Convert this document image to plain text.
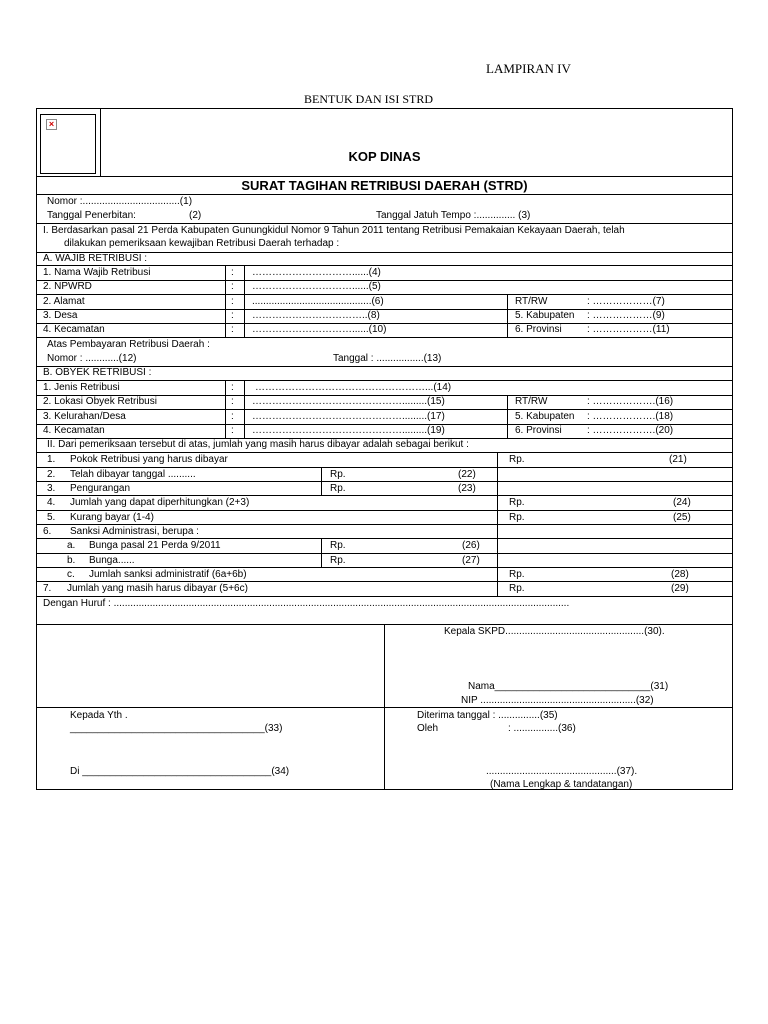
LAMPIRAN IV
BENTUK DAN ISI STRD
×
KOP DINAS
SURAT TAGIHAN RETRIBUSI DAERAH (STRD)
Nomor :...................................(1)
Tanggal Penerbitan:	(2)	Tanggal Jatuh Tempo :.............. (3)
I. Berdasarkan pasal 21 Perda Kabupaten Gunungkidul Nomor 9 Tahun 2011 tentang Retribusi Pemakaian Kekayaan Daerah, telah
dilakukan pemeriksaan kewajiban Retribusi Daerah terhadap :
A. WAJIB RETRIBUSI :
1. Nama Wajib Retribusi	: …………………………......(4)
2. NPWRD	: …………………………......(5)
2. Alamat	: ...........................................(6)	RT/RW	: ………………(7)
3. Desa	: ……………………………..(8)	5. Kabupaten : ………………(9)
4. Kecamatan	: …………………………......(10)	6. Provinsi	: ………………(11)
Atas Pembayaran Retribusi Daerah :
Nomor : ............(12)	Tanggal : .................(13)
B. OBYEK RETRIBUSI :
1. Jenis Retribusi	: ……………………………………………...(14)
2. Lokasi Obyek Retribusi	: ……………………………………….........(15)	RT/RW	: ……………….(16)
3. Kelurahan/Desa	: ……………………………………….........(17)	5. Kabupaten : ……………….(18)
4. Kecamatan	: ……………………………………….........(19)	6. Provinsi	: ……………….(20)
II. Dari pemeriksaan tersebut di atas, jumlah yang masih harus dibayar adalah sebagai berikut :
1. Pokok Retribusi yang harus dibayar	Rp.	(21)
2. Telah dibayar tanggal ..........	Rp.	(22)
3. Pengurangan	Rp.	(23)
4. Jumlah yang dapat diperhitungkan (2+3)	Rp.	(24)
5. Kurang bayar (1-4)	Rp.	(25)
6. Sanksi Administrasi, berupa :
a. Bunga pasal 21 Perda 9/2011	Rp.	(26)
b. Bunga......	Rp.	(27)
c. Jumlah sanksi administratif (6a+6b)	Rp.	(28)
7. Jumlah yang masih harus dibayar (5+6c)	Rp.	(29)
Dengan Huruf : ....................................................................................................................................................................
Kepala SKPD..................................................(30).
Nama____________________________(31)
NIP ........................................................(32)
Kepada Yth .
___________________________________(33)
Di __________________________________(34)
Diterima tanggal : ...............(35)
Oleh	: ................(36)
...............................................(37).
(Nama Lengkap & tandatangan)
